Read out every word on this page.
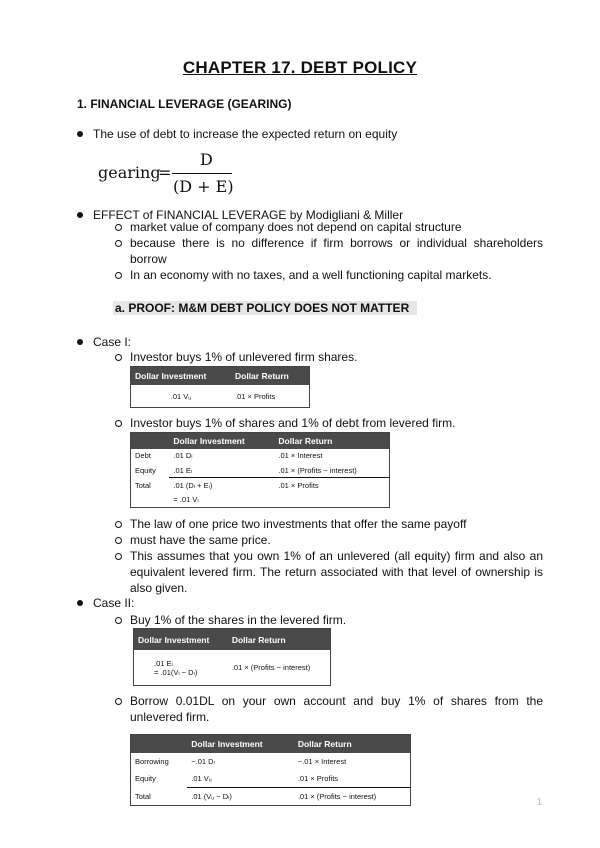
CHAPTER 17. DEBT POLICY
1. FINANCIAL LEVERAGE (GEARING)
The use of debt to increase the expected return on equity
gearing
=
D
(D + E)
EFFECT of FINANCIAL LEVERAGE by Modigliani & Miller
market value of company does not depend on capital structure
because there is no difference if firm borrows or individual shareholders borrow
In an economy with no taxes, and a well functioning capital markets.
a. PROOF: M&M DEBT POLICY DOES NOT MATTER
Case I:
Investor buys 1% of unlevered firm shares.
Dollar Investment	Dollar Return
.01 Vᵤ	.01 × Profits
Investor buys 1% of shares and 1% of debt from levered firm.
	Dollar Investment	Dollar Return
Debt	.01 Dₗ	.01 × Interest
Equity	.01 Eₗ	.01 × (Profits − interest)
Total	.01 (Dₗ + Eₗ)	.01 × Profits
	= .01 Vₗ	
The law of one price two investments that offer the same payoff
must have the same price.
This assumes that you own 1% of an unlevered (all equity) firm and also an equivalent levered firm. The return associated with that level of ownership is also given.
Case II:
Buy 1% of the shares in the levered firm.
Dollar Investment	Dollar Return
.01 Eₗ
= .01(Vₗ − Dₗ)	.01 × (Profits − interest)
Borrow 0.01DL on your own account and buy 1% of shares from the unlevered firm.
	Dollar Investment	Dollar Return
Borrowing	−.01 Dₗ	−.01 × Interest
Equity	.01 Vᵤ	.01 × Profits
Total	.01 (Vᵤ − Dₗ)	.01 × (Profits − interest)
1
